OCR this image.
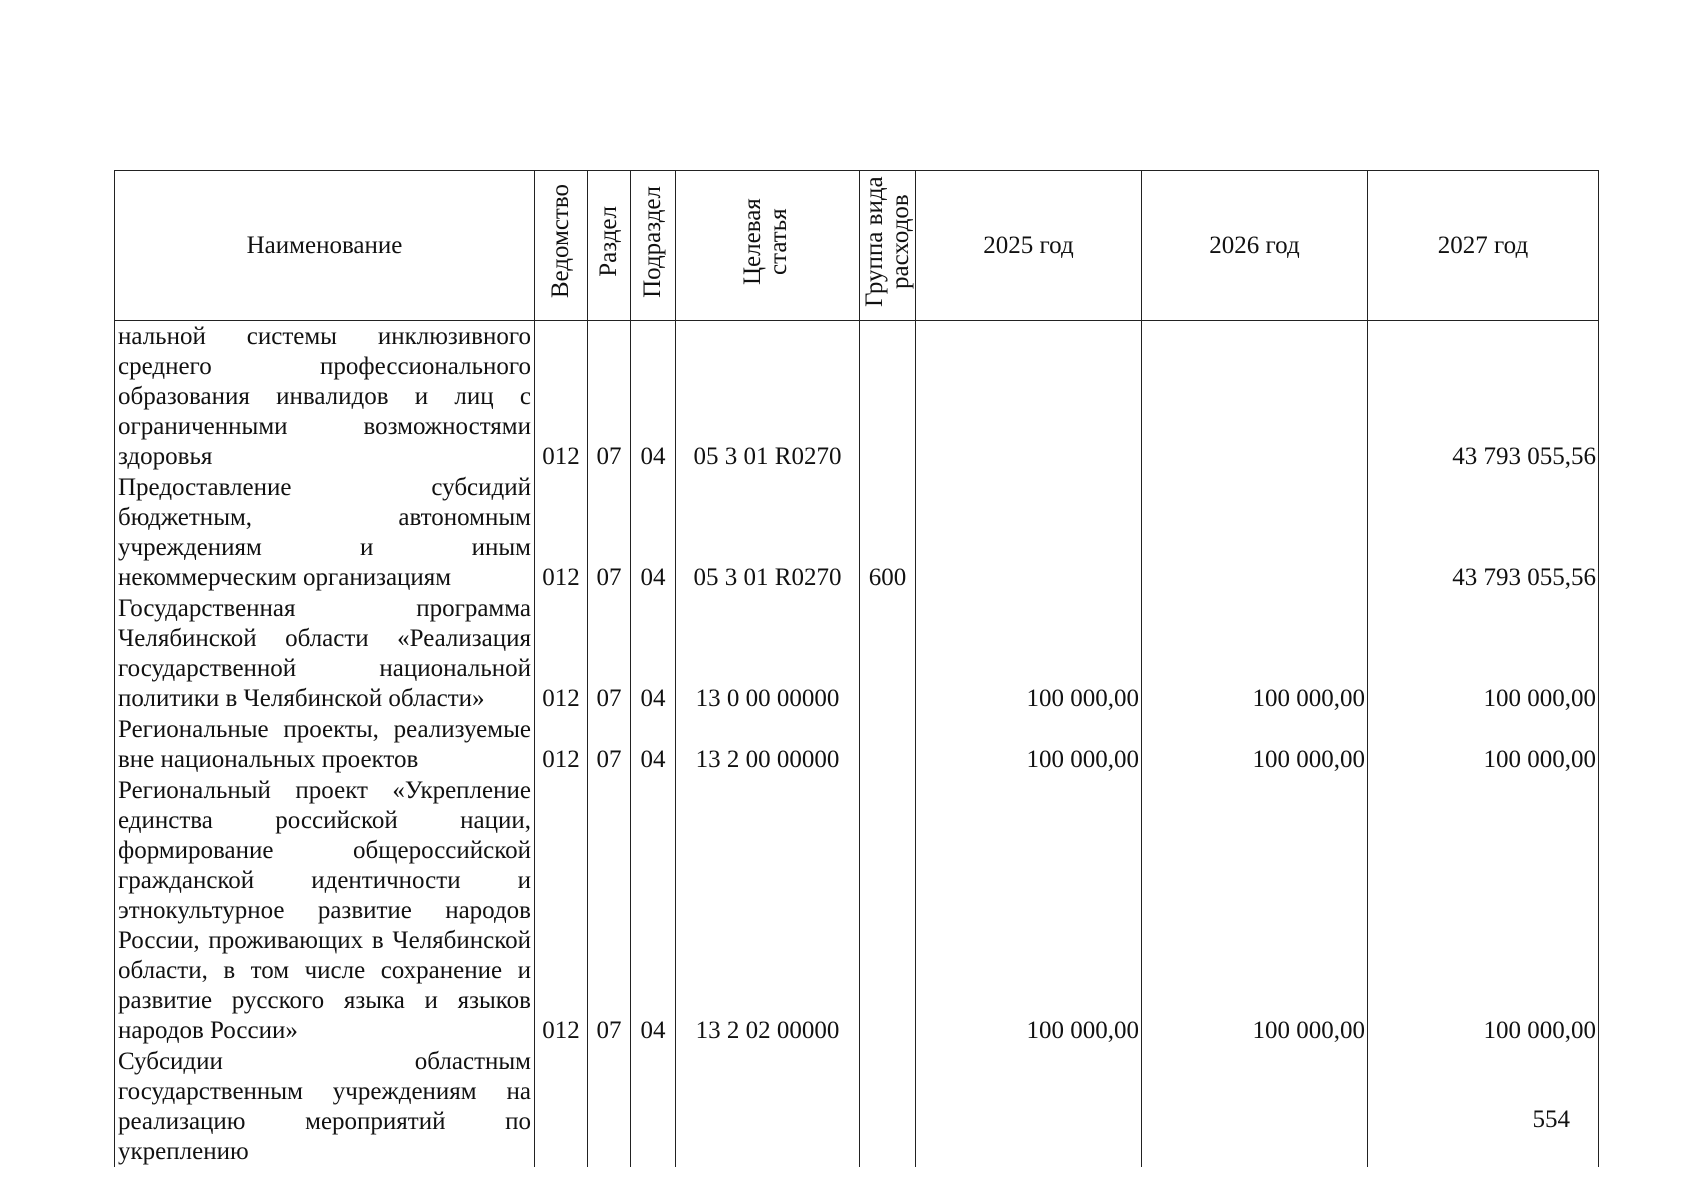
Наименование	Ведомство	Раздел	Подраздел	Целевая статья	Группа вида расходов	2025 год	2026 год	2027 год
нальной системы инклюзивного среднего профессионального образования инвалидов и лиц с ограниченными возможностями здоровья	012	07	04	05 3 01 R0270				43 793 055,56
Предоставление субсидий бюджетным, автономным учреждениям и иным некоммерческим организациям	012	07	04	05 3 01 R0270	600			43 793 055,56
Государственная программа Челябинской области «Реализация государственной национальной политики в Челябинской области»	012	07	04	13 0 00 00000		100 000,00	100 000,00	100 000,00
Региональные проекты, реализуемые вне национальных проектов	012	07	04	13 2 00 00000		100 000,00	100 000,00	100 000,00
Региональный проект «Укрепление единства российской нации, формирование общероссийской гражданской идентичности и этнокультурное развитие народов России, проживающих в Челябинской области, в том числе сохранение и развитие русского языка и языков народов России»	012	07	04	13 2 02 00000		100 000,00	100 000,00	100 000,00
Субсидии областным государственным учреждениям на реализацию мероприятий по укреплению								
554
